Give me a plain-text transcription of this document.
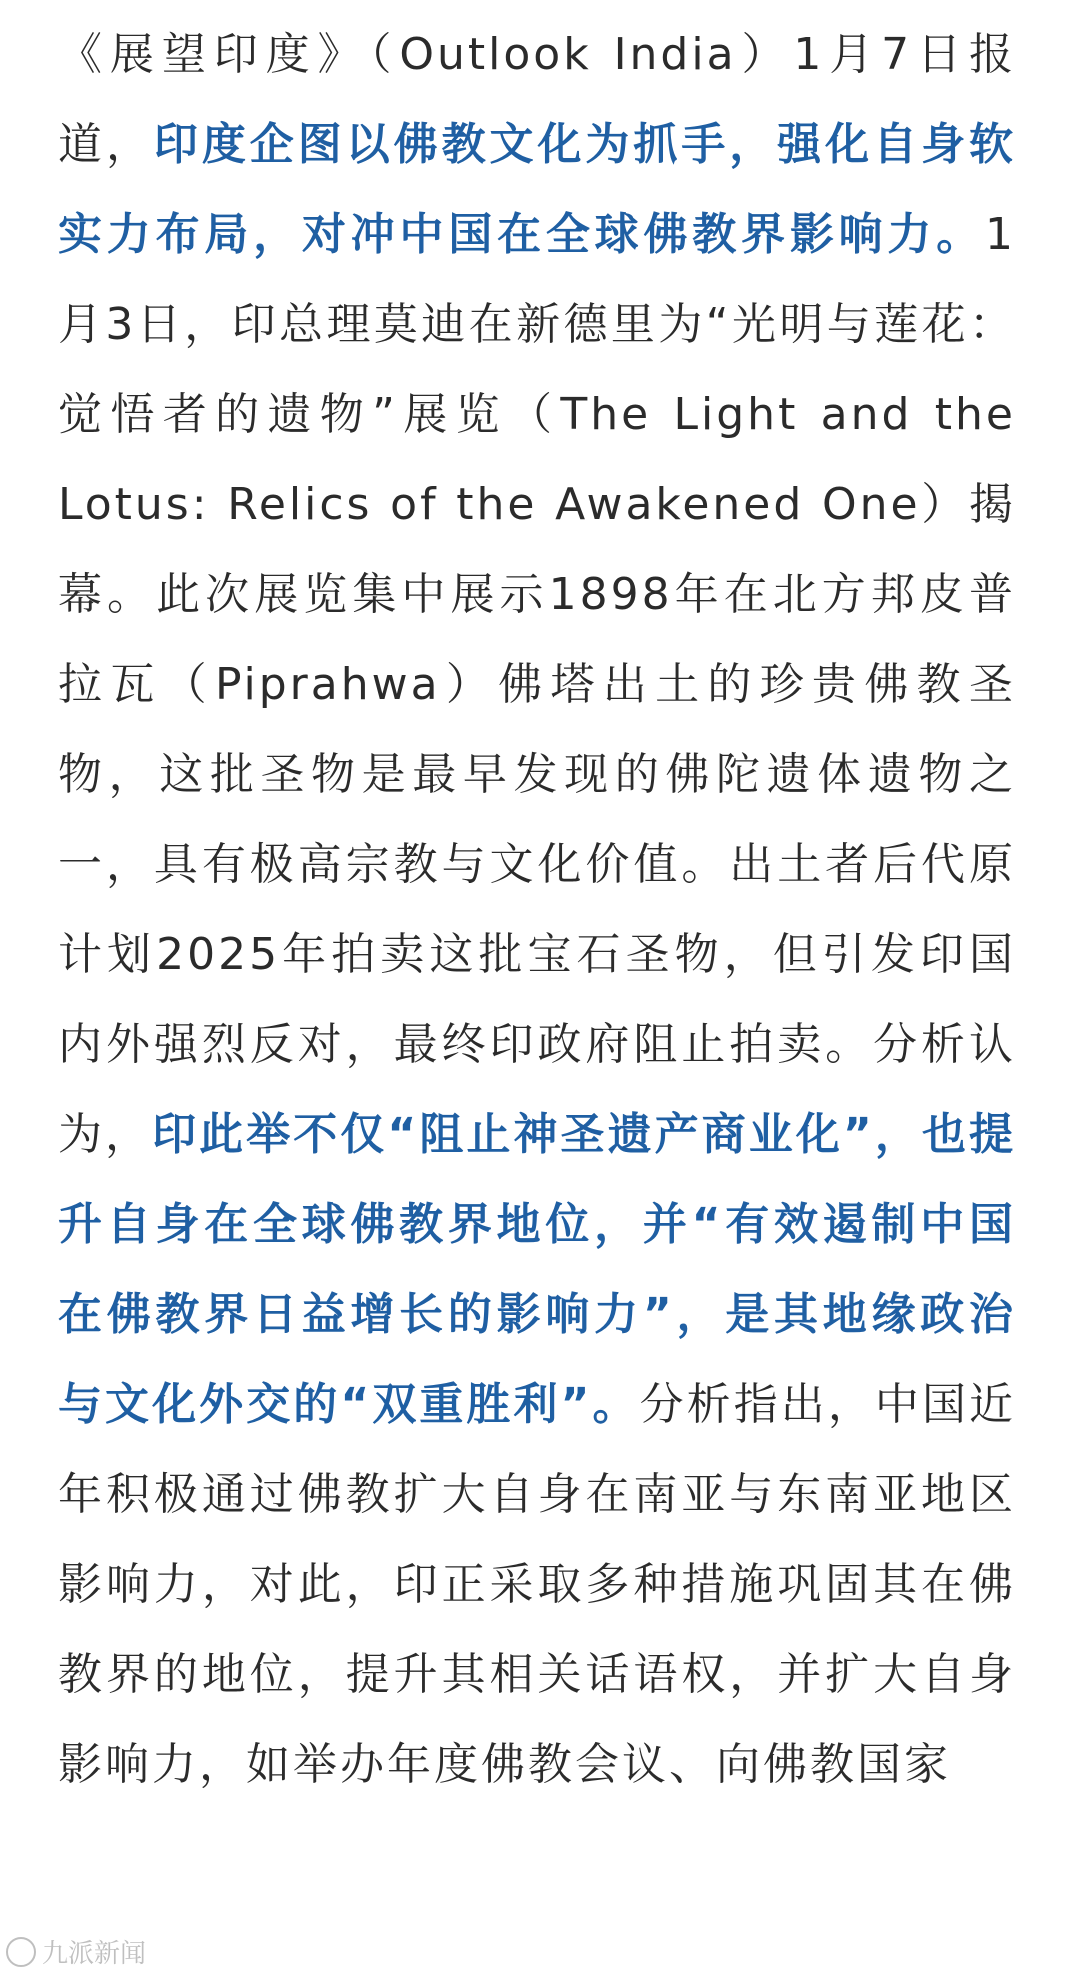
《展望印度》（Outlook India）1月7日报道，印度企图以佛教文化为抓手，强化自身软实力布局，对冲中国在全球佛教界影响力。1月3日，印总理莫迪在新德里为“光明与莲花：觉悟者的遗物”展览（The Light and the Lotus: Relics of the Awakened One）揭幕。此次展览集中展示1898年在北方邦皮普拉瓦（Piprahwa）佛塔出土的珍贵佛教圣物，这批圣物是最早发现的佛陀遗体遗物之一，具有极高宗教与文化价值。出土者后代原计划2025年拍卖这批宝石圣物，但引发印国内外强烈反对，最终印政府阻止拍卖。分析认为，印此举不仅“阻止神圣遗产商业化”，也提升自身在全球佛教界地位，并“有效遏制中国在佛教界日益增长的影响力”，是其地缘政治与文化外交的“双重胜利”。分析指出，中国近年积极通过佛教扩大自身在南亚与东南亚地区影响力，对此，印正采取多种措施巩固其在佛教界的地位，提升其相关话语权，并扩大自身影响力，如举办年度佛教会议、向佛教国家

九派新闻
